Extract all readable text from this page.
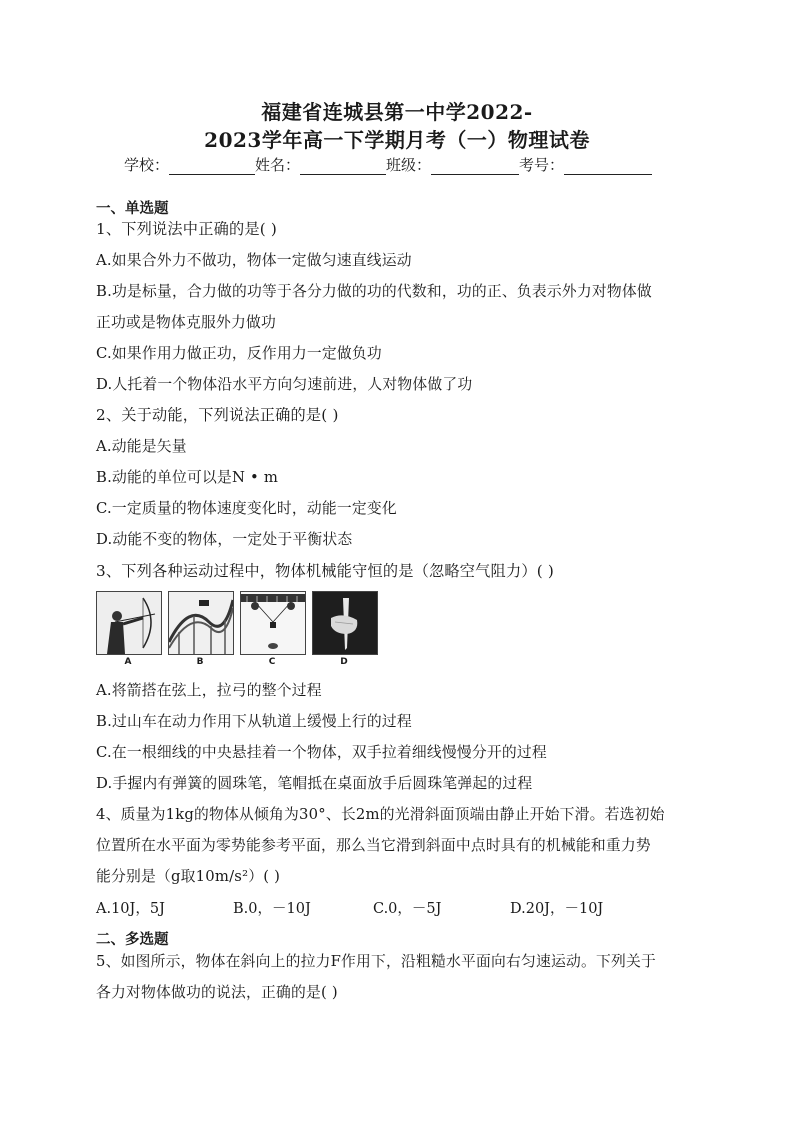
福建省连城县第一中学2022-
2023学年高一下学期月考（一）物理试卷
学校：	姓名：	班级：	考号：
一、单选题
1、下列说法中正确的是( )
A.如果合外力不做功，物体一定做匀速直线运动
B.功是标量，合力做的功等于各分力做的功的代数和，功的正、负表示外力对物体做
正功或是物体克服外力做功
C.如果作用力做正功，反作用力一定做负功
D.人托着一个物体沿水平方向匀速前进，人对物体做了功
2、关于动能，下列说法正确的是( )
A.动能是矢量
B.动能的单位可以是N • m
C.一定质量的物体速度变化时，动能一定变化
D.动能不变的物体，一定处于平衡状态
3、下列各种运动过程中，物体机械能守恒的是（忽略空气阻力）( )
A	B	C	D
A.将箭搭在弦上，拉弓的整个过程
B.过山车在动力作用下从轨道上缓慢上行的过程
C.在一根细线的中央悬挂着一个物体，双手拉着细线慢慢分开的过程
D.手握内有弹簧的圆珠笔，笔帽抵在桌面放手后圆珠笔弹起的过程
4、质量为1kg的物体从倾角为30°、长2m的光滑斜面顶端由静止开始下滑。若选初始
位置所在水平面为零势能参考平面，那么当它滑到斜面中点时具有的机械能和重力势
能分别是（g取10m/s²）( )
A.10J，5J	B.0，－10J	C.0，－5J	D.20J，－10J
二、多选题
5、如图所示，物体在斜向上的拉力F作用下，沿粗糙水平面向右匀速运动。下列关于
各力对物体做功的说法，正确的是( )
